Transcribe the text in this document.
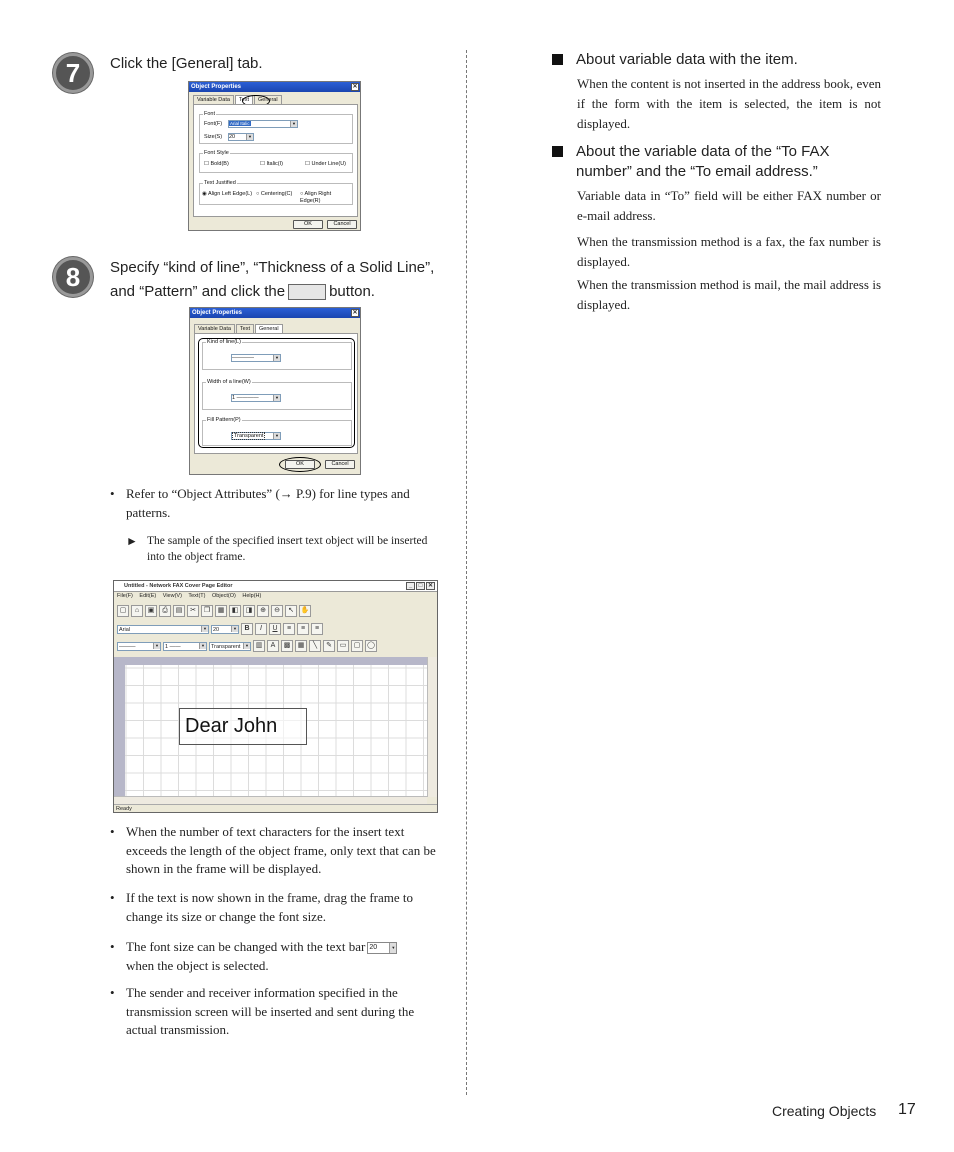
7	Click the [General] tab.
Object Properties	✕
Variable Data	Text	General
Font
Font(F)	Arial Italic	▼
Size(S) 20	▼
Font Style
☐ Bold(B)	☐ Italic(I)	☐ Under Line(U)
Text Justified
◉ Align Left Edge(L) ○ Centering(C) ○ Align Right Edge(R)
OK	Cancel
8	Specify “kind of line”, “Thickness of a Solid Line”,
and “Pattern” and click the	button.
Object Properties	✕
Variable Data	Text	General
Kind of line(L)
————	▼
Width of a line(W)
1 ————	▼
Fill Pattern(P)
Transparent	▼
OK	Cancel
• Refer to “Object Attributes” (→ P.9) for line types and patterns.
► The sample of the specified insert text object will be inserted into the object frame.
Untitled - Network FAX Cover Page Editor	_	□ ✕
File(F) Edit(E) View(V) Text(T) Object(O) Help(H)
▢	⌂	▣	⎙	▤	✂	❐	▦	◧	◨	⊕	⊖	↖ ✋
Arial	▼	20	▼	B	I	U	≡	≡	≡
———	▼	1 ——	▼	Transparent	▼ ▥	A	▩	▦	╲	✎	▭	▢ ◯
Dear John
Ready
• When the number of text characters for the insert text exceeds the length of the object frame, only text that can be shown in the frame will be displayed.
• If the text is now shown in the frame, drag the frame to change its size or change the font size.
• The font size can be changed with the text bar 20	▼

when the object is selected.
• The sender and receiver information specified in the transmission screen will be inserted and sent during the actual transmission.
About variable data with the item.
When the content is not inserted in the address book, even if the form with the item is selected, the item is not displayed.
About the variable data of the “To FAX
number” and the “To email address.”
Variable data in “To” field will be either FAX number or e-mail address.
When the transmission method is a fax, the fax number is displayed.
When the transmission method is mail, the mail address is displayed.
Creating Objects 17
